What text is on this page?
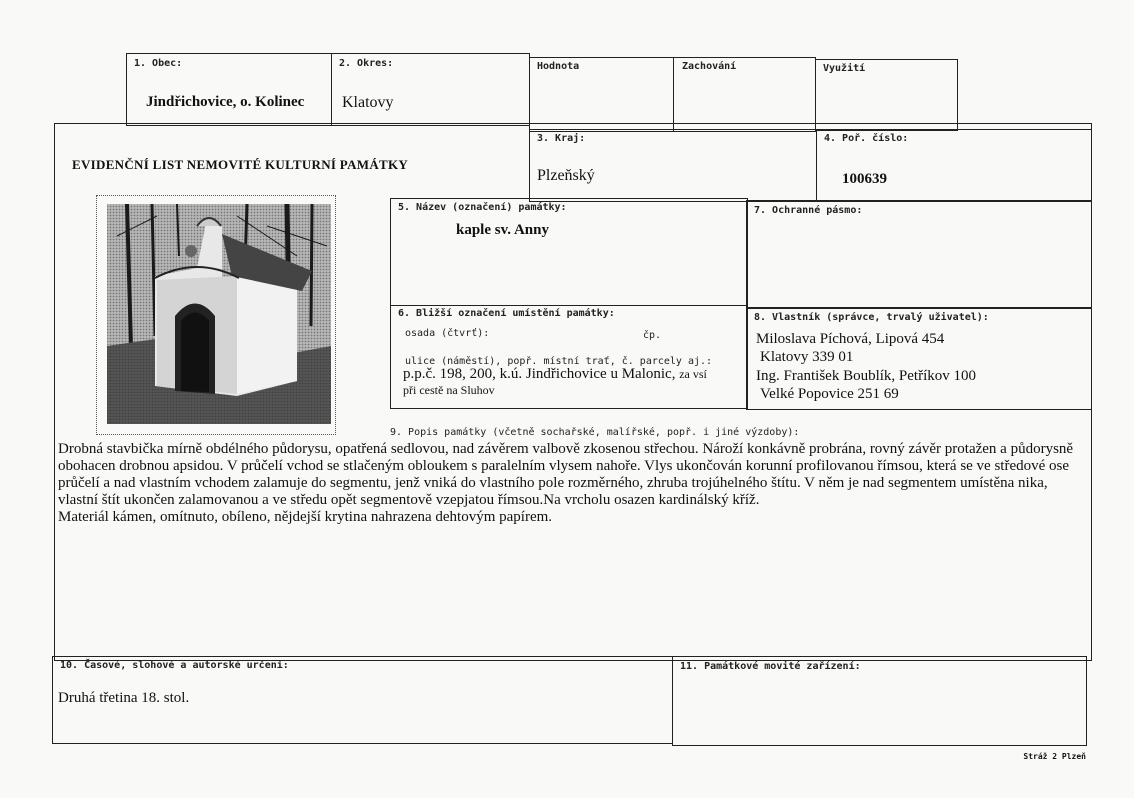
1. Obec:
Jindřichovice, o. Kolinec
2. Okres:
Klatovy
Hodnota	Zachování	Využití
EVIDENČNÍ LIST NEMOVITÉ KULTURNÍ PAMÁTKY
3. Kraj:
Plzeňský
4. Poř. číslo:
100639
5. Název (označení) památky:
kaple sv. Anny
7. Ochranné pásmo:
6. Bližší označení umístění památky:
osada (čtvrť):	čp.
ulice (náměstí), popř. místní trať, č. parcely aj.:
p.p.č. 198, 200, k.ú. Jindřichovice u Malonic, za vsí
při cestě na Sluhov
8. Vlastník (správce, trvalý uživatel):
Miloslava Píchová, Lipová 454
Klatovy 339 01
Ing. František Boublík, Petříkov 100
Velké Popovice 251 69
9. Popis památky (včetně sochařské, malířské, popř. i jiné výzdoby):

Drobná stavbička mírně obdélného půdorysu, opatřená sedlovou, nad závěrem valbově zkosenou střechou. Nároží konkávně probrána, rovný závěr protažen a půdorysně obohacen drobnou apsidou. V průčelí vchod se stlačeným obloukem s paralelním vlysem nahoře. Vlys ukončován korunní profilovanou římsou, která se ve středové ose průčelí a nad vlastním vchodem zalamuje do segmentu, jenž vniká do vlastního pole rozměrného, zhruba trojúhelného štítu. V něm je nad segmentem umístěna nika, vlastní štít ukončen zalamovanou a ve středu opět segmentově vzepjatou římsou.Na vrcholu osazen kardinálský kříž.

Materiál kámen, omítnuto, obíleno, nějdejší krytina nahrazena dehtovým papírem.

10. Časové, slohové a autorské určení:
Druhá třetina 18. stol.
11. Památkové movité zařízení:
Stráž 2 Plzeň
